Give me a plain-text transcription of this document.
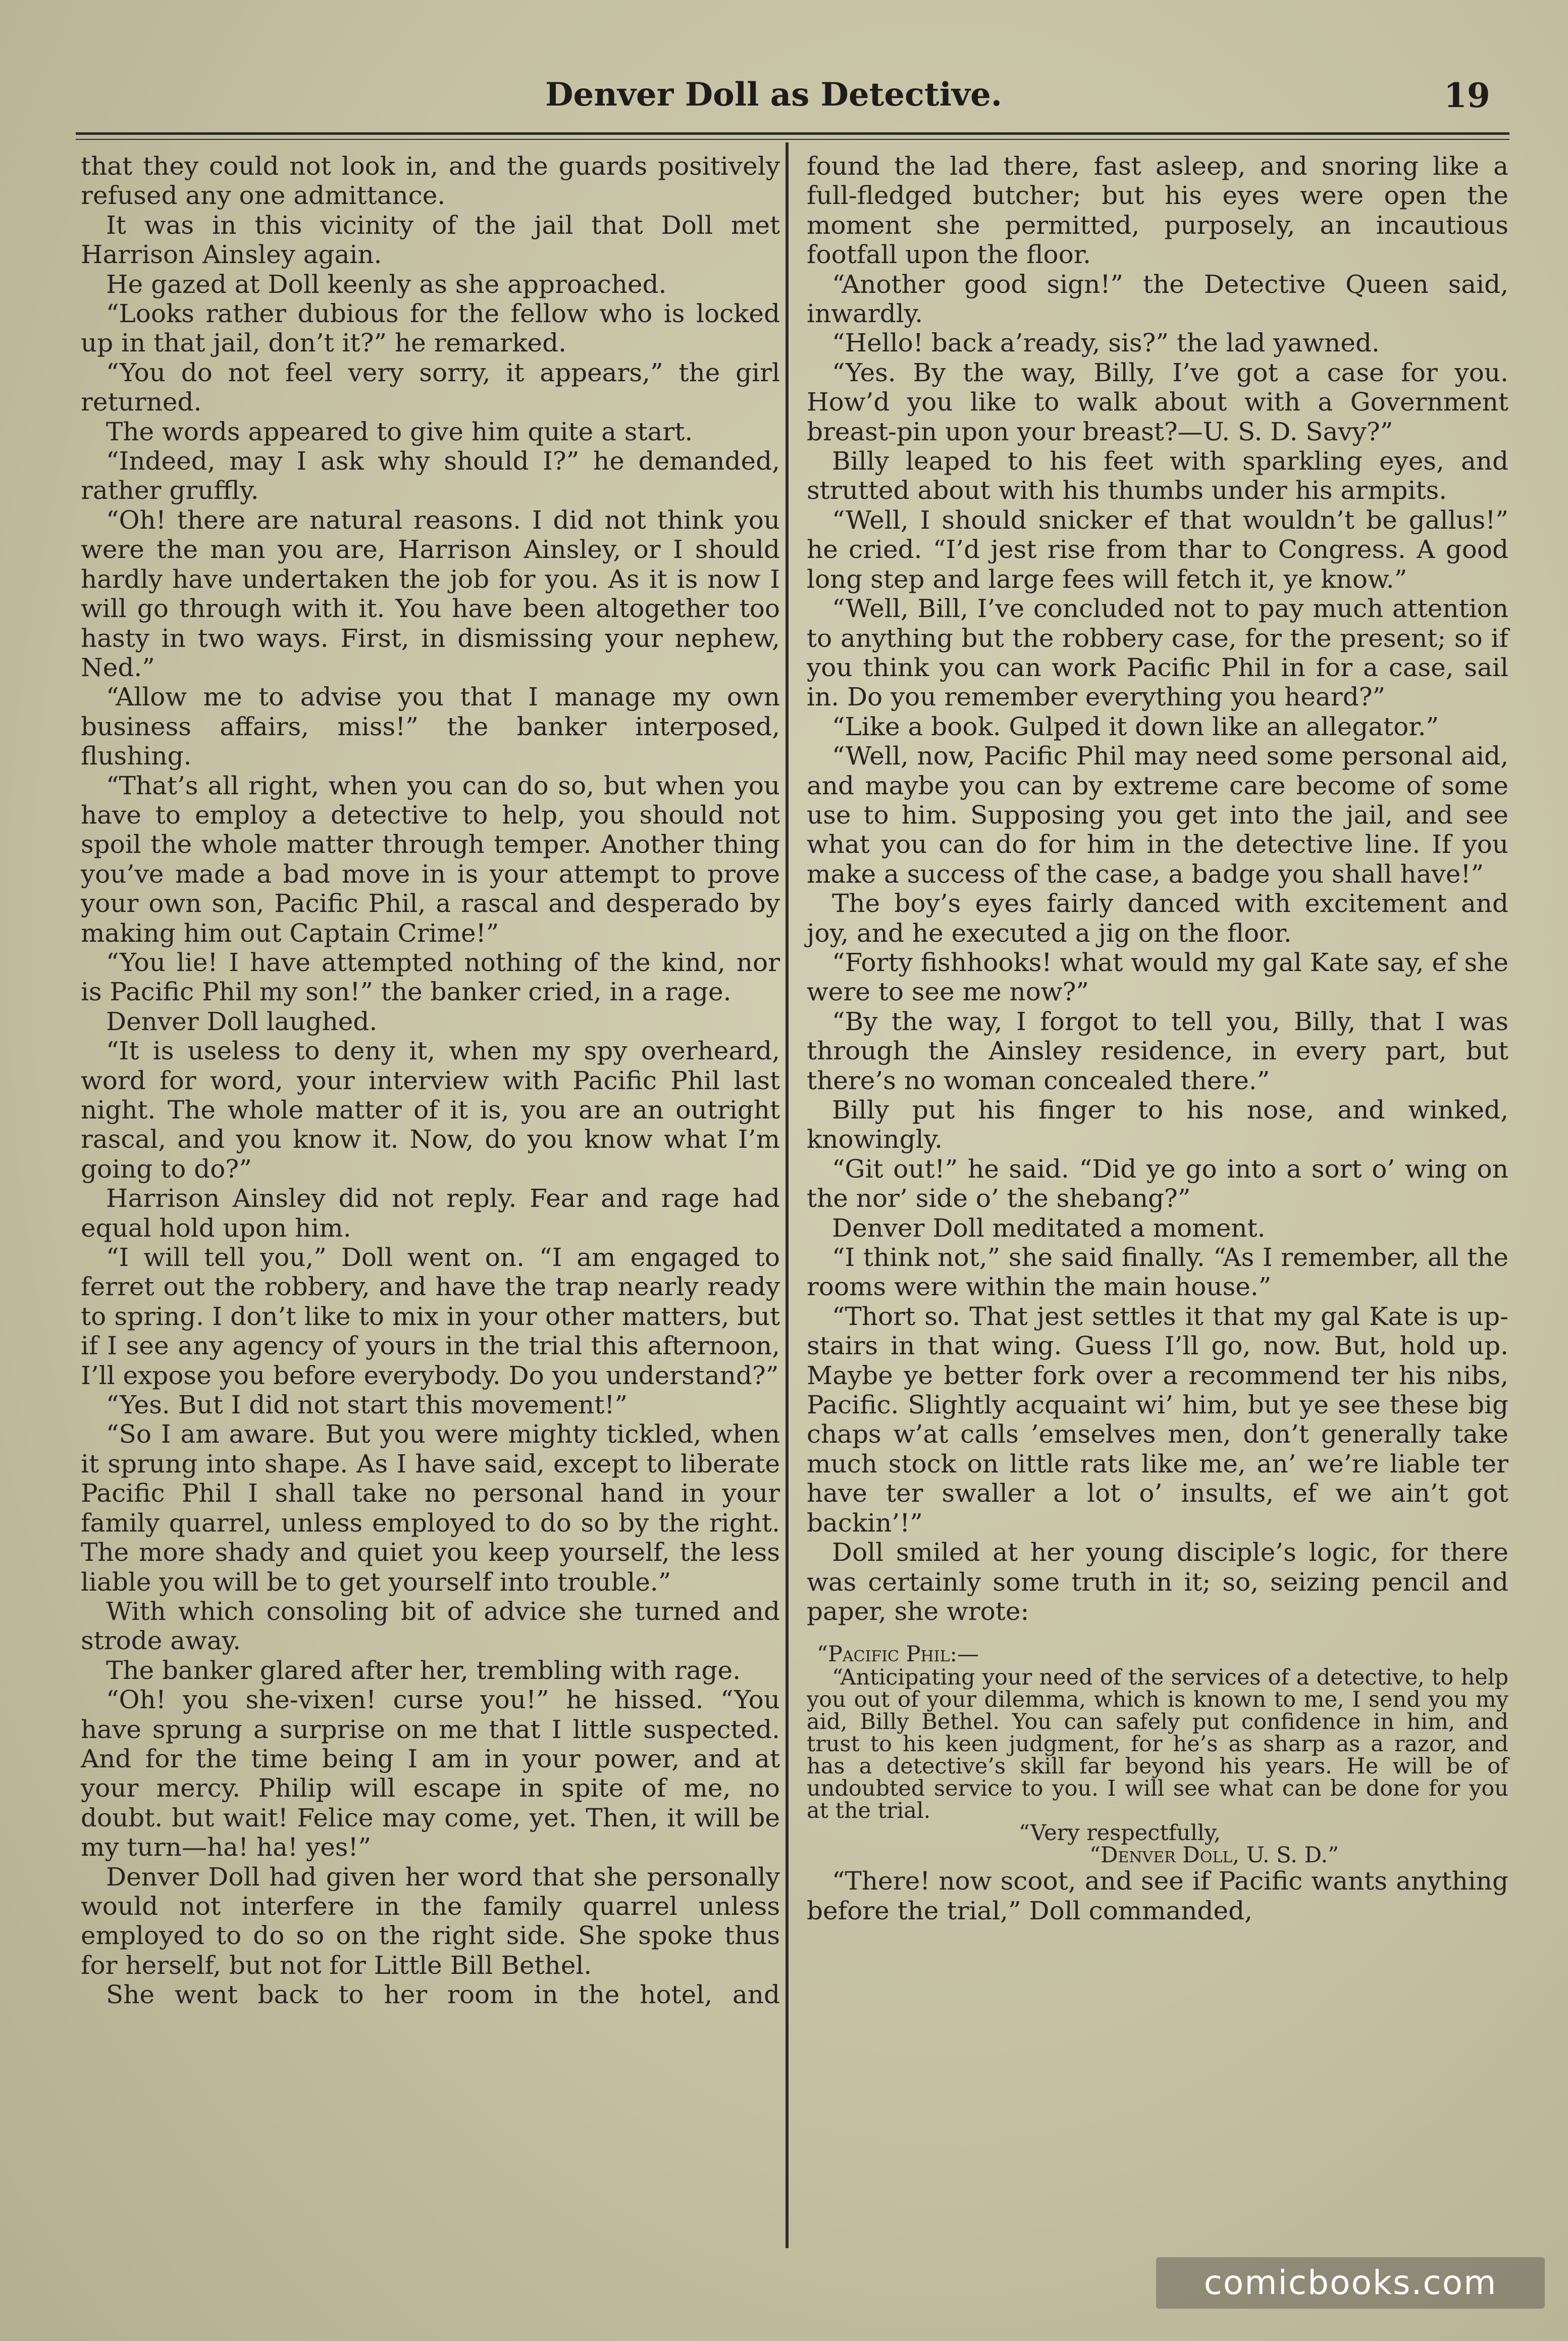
Denver Doll as Detective.	19

that they could not look in, and the guards positively refused any one admittance.

It was in this vicinity of the jail that Doll met Harrison Ainsley again.

He gazed at Doll keenly as she approached.

“Looks rather dubious for the fellow who is locked up in that jail, don’t it?” he remarked.

“You do not feel very sorry, it appears,” the girl returned.

The words appeared to give him quite a start.

“Indeed, may I ask why should I?” he demanded, rather gruffly.

“Oh! there are natural reasons. I did not think you were the man you are, Harrison Ainsley, or I should hardly have undertaken the job for you. As it is now I will go through with it. You have been altogether too hasty in two ways. First, in dismissing your nephew, Ned.”

“Allow me to advise you that I manage my own business affairs, miss!” the banker interposed, flushing.

“That’s all right, when you can do so, but when you have to employ a detective to help, you should not spoil the whole matter through temper. Another thing you’ve made a bad move in is your attempt to prove your own son, Pacific Phil, a rascal and desperado by making him out Captain Crime!”

“You lie! I have attempted nothing of the kind, nor is Pacific Phil my son!” the banker cried, in a rage.

Denver Doll laughed.

“It is useless to deny it, when my spy overheard, word for word, your interview with Pacific Phil last night. The whole matter of it is, you are an outright rascal, and you know it. Now, do you know what I’m going to do?”

Harrison Ainsley did not reply. Fear and rage had equal hold upon him.

“I will tell you,” Doll went on. “I am engaged to ferret out the robbery, and have the trap nearly ready to spring. I don’t like to mix in your other matters, but if I see any agency of yours in the trial this afternoon, I’ll expose you before everybody. Do you understand?”

“Yes. But I did not start this movement!”

“So I am aware. But you were mighty tickled, when it sprung into shape. As I have said, except to liberate Pacific Phil I shall take no personal hand in your family quarrel, unless employed to do so by the right. The more shady and quiet you keep yourself, the less liable you will be to get yourself into trouble.”

With which consoling bit of advice she turned and strode away.

The banker glared after her, trembling with rage.

“Oh! you she-vixen! curse you!” he hissed. “You have sprung a surprise on me that I little suspected. And for the time being I am in your power, and at your mercy. Philip will escape in spite of me, no doubt. but wait! Felice may come, yet. Then, it will be my turn—ha! ha! yes!”

Denver Doll had given her word that she personally would not interfere in the family quarrel unless employed to do so on the right side. She spoke thus for herself, but not for Little Bill Bethel.

She went back to her room in the hotel, and

found the lad there, fast asleep, and snoring like a full-fledged butcher; but his eyes were open the moment she permitted, purposely, an incautious footfall upon the floor.

“Another good sign!” the Detective Queen said, inwardly.

“Hello! back a’ready, sis?” the lad yawned.

“Yes. By the way, Billy, I’ve got a case for you. How’d you like to walk about with a Government breast-pin upon your breast?—U. S. D. Savy?”

Billy leaped to his feet with sparkling eyes, and strutted about with his thumbs under his armpits.

“Well, I should snicker ef that wouldn’t be gallus!” he cried. “I’d jest rise from thar to Congress. A good long step and large fees will fetch it, ye know.”

“Well, Bill, I’ve concluded not to pay much attention to anything but the robbery case, for the present; so if you think you can work Pacific Phil in for a case, sail in. Do you remember everything you heard?”

“Like a book. Gulped it down like an allegator.”

“Well, now, Pacific Phil may need some personal aid, and maybe you can by extreme care become of some use to him. Supposing you get into the jail, and see what you can do for him in the detective line. If you make a success of the case, a badge you shall have!”

The boy’s eyes fairly danced with excitement and joy, and he executed a jig on the floor.

“Forty fishhooks! what would my gal Kate say, ef she were to see me now?”

“By the way, I forgot to tell you, Billy, that I was through the Ainsley residence, in every part, but there’s no woman concealed there.”

Billy put his finger to his nose, and winked, knowingly.

“Git out!” he said. “Did ye go into a sort o’ wing on the nor’ side o’ the shebang?”

Denver Doll meditated a moment.

“I think not,” she said finally. “As I remember, all the rooms were within the main house.”

“Thort so. That jest settles it that my gal Kate is up-stairs in that wing. Guess I’ll go, now. But, hold up. Maybe ye better fork over a recommend ter his nibs, Pacific. Slightly acquaint wi’ him, but ye see these big chaps w’at calls ’emselves men, don’t generally take much stock on little rats like me, an’ we’re liable ter have ter swaller a lot o’ insults, ef we ain’t got backin’!”

Doll smiled at her young disciple’s logic, for there was certainly some truth in it; so, seizing pencil and paper, she wrote:

“Pacific Phil:—

“Anticipating your need of the services of a detective, to help you out of your dilemma, which is known to me, I send you my aid, Billy Bethel. You can safely put confidence in him, and trust to his keen judgment, for he’s as sharp as a razor, and has a detective’s skill far beyond his years. He will be of undoubted service to you. I will see what can be done for you at the trial.

“Very respectfully,

“Denver Doll, U. S. D.”

“There! now scoot, and see if Pacific wants anything before the trial,” Doll commanded,

comicbooks.com
